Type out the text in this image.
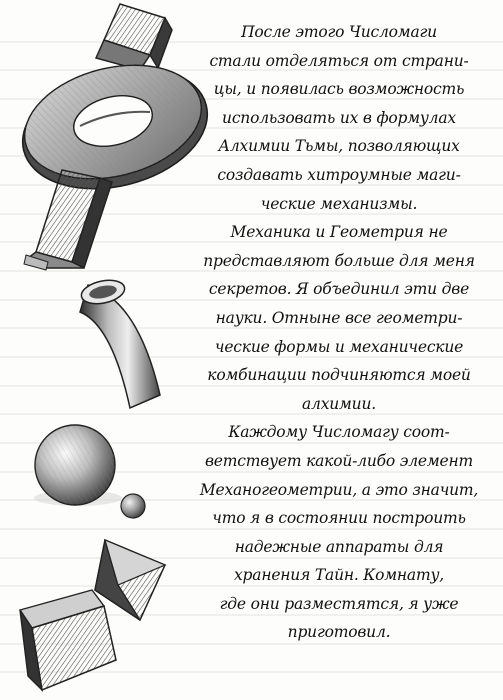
После этого Числомаги
стали отделяться от страни-
цы, и появилась возможность
использовать их в формулах
Алхимии Тьмы, позволяющих
создавать хитроумные маги-
ческие механизмы.
Механика и Геометрия не
представляют больше для меня
секретов. Я объединил эти две
науки. Отныне все геометри-
ческие формы и механические
комбинации подчиняются моей
алхимии.
Каждому Числомагу соот-
ветствует какой-либо элемент
Механогеометрии, а это значит,
что я в состоянии построить
надежные аппараты для
хранения Тайн. Комнату,
где они разместятся, я уже
приготовил.
